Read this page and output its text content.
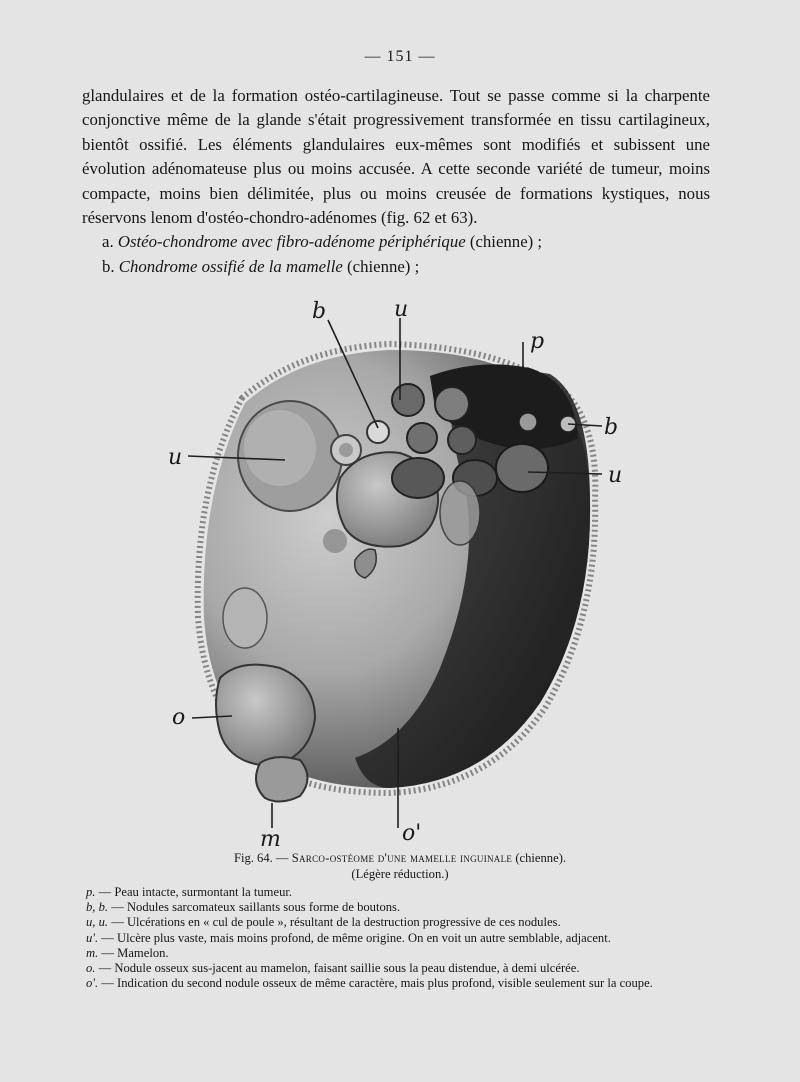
— 151 —

glandulaires et de la formation ostéo-cartilagineuse. Tout se passe comme si la charpente conjonctive même de la glande s'était progressivement transformée en tissu cartilagineux, bientôt ossifié. Les éléments glandulaires eux-mêmes sont modifiés et subissent une évolution adénomateuse plus ou moins accusée. A cette seconde variété de tumeur, moins compacte, moins bien délimitée, plus ou moins creusée de formations kystiques, nous réservons lenom d'ostéo-chondro-adénomes (fig. 62 et 63).

a. Ostéo-chondrome avec fibro-adénome périphérique (chienne) ;

b. Chondrome ossifié de la mamelle (chienne) ;

b	u
p
b
u
u
o
m	o'
Fig. 64. — Sarco-ostéome d'une mamelle inguinale (chienne).
(Légère réduction.)

p. — Peau intacte, surmontant la tumeur.

b, b. — Nodules sarcomateux saillants sous forme de boutons.

u, u. — Ulcérations en « cul de poule », résultant de la destruction progressive de ces nodules.

u'. — Ulcère plus vaste, mais moins profond, de même origine. On en voit un autre semblable, adjacent.

m. — Mamelon.

o. — Nodule osseux sus-jacent au mamelon, faisant saillie sous la peau distendue, à demi ulcérée.

o'. — Indication du second nodule osseux de même caractère, mais plus profond, visible seulement sur la coupe.
